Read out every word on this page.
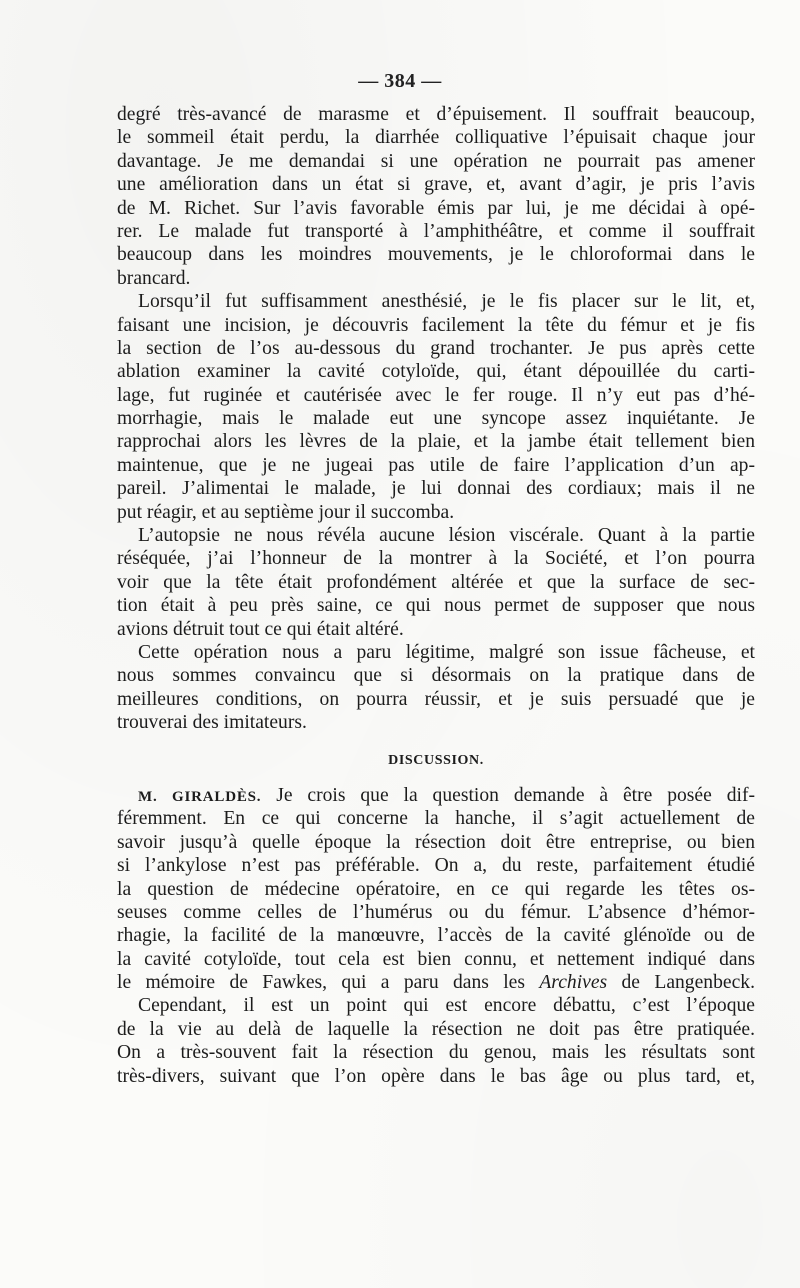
— 384 —
degré très-avancé de marasme et d’épuisement. Il souffrait beaucoup,
le sommeil était perdu, la diarrhée colliquative l’épuisait chaque jour
davantage. Je me demandai si une opération ne pourrait pas amener
une amélioration dans un état si grave, et, avant d’agir, je pris l’avis
de M. Richet. Sur l’avis favorable émis par lui, je me décidai à opé-
rer. Le malade fut transporté à l’amphithéâtre, et comme il souffrait
beaucoup dans les moindres mouvements, je le chloroformai dans le
brancard.
Lorsqu’il fut suffisamment anesthésié, je le fis placer sur le lit, et,
faisant une incision, je découvris facilement la tête du fémur et je fis
la section de l’os au-dessous du grand trochanter. Je pus après cette
ablation examiner la cavité cotyloïde, qui, étant dépouillée du carti-
lage, fut ruginée et cautérisée avec le fer rouge. Il n’y eut pas d’hé-
morrhagie, mais le malade eut une syncope assez inquiétante. Je
rapprochai alors les lèvres de la plaie, et la jambe était tellement bien
maintenue, que je ne jugeai pas utile de faire l’application d’un ap-
pareil. J’alimentai le malade, je lui donnai des cordiaux; mais il ne
put réagir, et au septième jour il succomba.
L’autopsie ne nous révéla aucune lésion viscérale. Quant à la partie
réséquée, j’ai l’honneur de la montrer à la Société, et l’on pourra
voir que la tête était profondément altérée et que la surface de sec-
tion était à peu près saine, ce qui nous permet de supposer que nous
avions détruit tout ce qui était altéré.
Cette opération nous a paru légitime, malgré son issue fâcheuse, et
nous sommes convaincu que si désormais on la pratique dans de
meilleures conditions, on pourra réussir, et je suis persuadé que je
trouverai des imitateurs.
DISCUSSION.
M. GIRALDÈS. Je crois que la question demande à être posée dif-
féremment. En ce qui concerne la hanche, il s’agit actuellement de
savoir jusqu’à quelle époque la résection doit être entreprise, ou bien
si l’ankylose n’est pas préférable. On a, du reste, parfaitement étudié
la question de médecine opératoire, en ce qui regarde les têtes os-
seuses comme celles de l’humérus ou du fémur. L’absence d’hémor-
rhagie, la facilité de la manœuvre, l’accès de la cavité glénoïde ou de
la cavité cotyloïde, tout cela est bien connu, et nettement indiqué dans
le mémoire de Fawkes, qui a paru dans les Archives de Langenbeck.
Cependant, il est un point qui est encore débattu, c’est l’époque
de la vie au delà de laquelle la résection ne doit pas être pratiquée.
On a très-souvent fait la résection du genou, mais les résultats sont
très-divers, suivant que l’on opère dans le bas âge ou plus tard, et,
